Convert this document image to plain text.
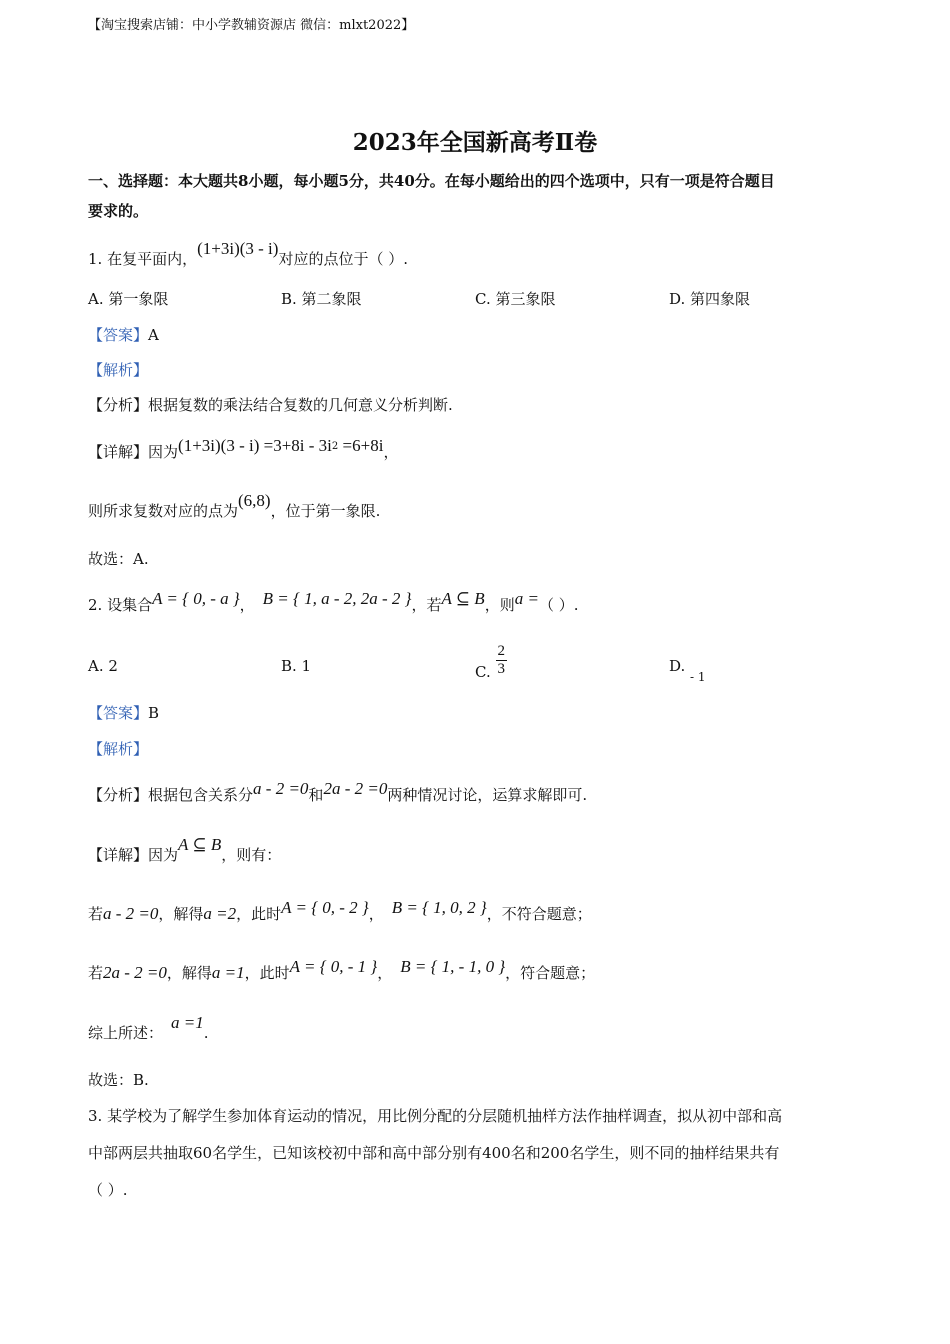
【淘宝搜索店铺：中小学教辅资源店 微信：mlxt2022】
2023年全国新高考Ⅱ卷
一、选择题：本大题共8小题，每小题5分，共40分。在每小题给出的四个选项中，只有一项是符合题目
要求的。
1. 在复平面内，(1+3i)(3 - i)对应的点位于（ ）.
A. 第一象限	B. 第二象限	C. 第三象限	D. 第四象限
【答案】A
【解析】
【分析】根据复数的乘法结合复数的几何意义分析判断.
【详解】因为$(1+3i)(3 - i) =3+8i - 3i^2 =6+8i$，
则所求复数对应的点为(6,8)，位于第一象限.
故选：A.
2. 设集合A = { 0, - a }， B = { 1, a - 2, 2a - 2 }，若A ⊆ B，则a =（ ）.
A. 2	B. 1	C. $\frac{2}{3}$	D. $_{- 1}$
【答案】B
【解析】
【分析】根据包含关系分a - 2 =0和2a - 2 =0两种情况讨论，运算求解即可.
【详解】因为A ⊆ B，则有：
若a - 2 =0，解得a =2，此时A = { 0, - 2 }， B = { 1, 0, 2 }，不符合题意；
若2a - 2 =0，解得a =1，此时A = { 0, - 1 }， B = { 1, - 1, 0 }，符合题意；
综上所述：a =1.
故选：B.
3. 某学校为了解学生参加体育运动的情况，用比例分配的分层随机抽样方法作抽样调查，拟从初中部和高
中部两层共抽取60名学生，已知该校初中部和高中部分别有400名和200名学生，则不同的抽样结果共有
（ ）.
